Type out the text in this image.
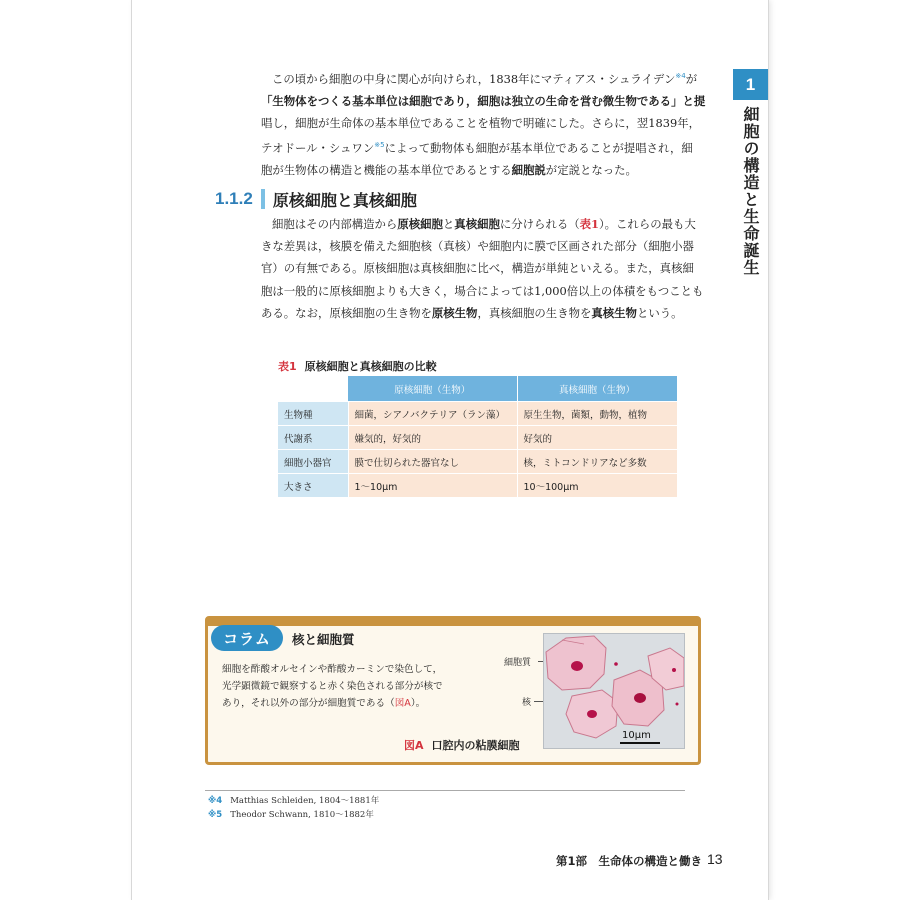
1
細胞の構造と生命誕生
この頃から細胞の中身に関心が向けられ，1838年にマティアス・シュライデン$^{※4}$が
「生物体をつくる基本単位は細胞であり，細胞は独立の生命を営む微生物である」と提
唱し，細胞が生命体の基本単位であることを植物で明確にした。さらに，翌1839年，
テオドール・シュワン$^{※5}$によって動物体も細胞が基本単位であることが提唱され，細
胞が生物体の構造と機能の基本単位であるとする細胞説が定説となった。
1.1.2 原核細胞と真核細胞
細胞はその内部構造から原核細胞と真核細胞に分けられる（表1）。これらの最も大
きな差異は，核膜を備えた細胞核（真核）や細胞内に膜で区画された部分（細胞小器
官）の有無である。原核細胞は真核細胞に比べ，構造が単純といえる。また，真核細
胞は一般的に原核細胞よりも大きく，場合によっては1,000倍以上の体積をもつことも
ある。なお，原核細胞の生き物を原核生物，真核細胞の生き物を真核生物という。
表1 原核細胞と真核細胞の比較
	原核細胞（生物）	真核細胞（生物）
生物種	細菌，シアノバクテリア（ラン藻）	原生生物，菌類，動物，植物
代謝系	嫌気的，好気的	好気的
細胞小器官	膜で仕切られた器官なし	核，ミトコンドリアなど多数
大きさ	1～10μm	10～100μm
コラム	核と細胞質
細胞を酢酸オルセインや酢酸カーミンで染色して，
光学顕微鏡で観察すると赤く染色される部分が核で
あり，それ以外の部分が細胞質である（図A）。
図A 口腔内の粘膜細胞
細胞質
核
10μm
※4 Matthias Schleiden, 1804～1881年
※5 Theodor Schwann, 1810～1882年
第1部　生命体の構造と働き 13
